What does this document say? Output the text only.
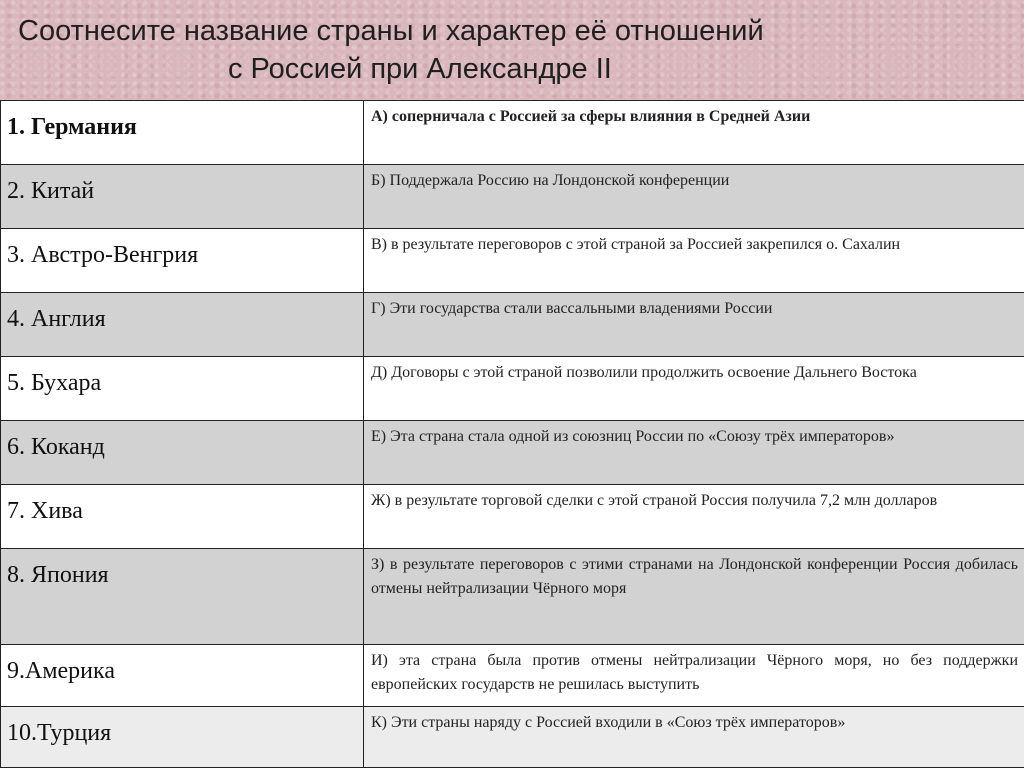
Соотнесите название страны и характер её отношений
с Россией при Александре II
1. Германия	А) соперничала с Россией за сферы влияния в Средней Азии
2. Китай	Б) Поддержала Россию на Лондонской конференции
3. Австро-Венгрия	В) в результате переговоров с этой страной за Россией закрепился о. Сахалин
4. Англия	Г) Эти государства стали вассальными владениями России
5. Бухара	Д) Договоры с этой страной позволили продолжить освоение Дальнего Востока
6. Коканд	Е) Эта страна стала одной из союзниц России по «Союзу трёх императоров»
7. Хива	Ж) в результате торговой сделки с этой страной Россия получила 7,2 млн долларов
8. Япония	З) в результате переговоров с этими странами на Лондонской конференции Россия добилась отмены нейтрализации Чёрного моря
9.Америка	И) эта страна была против отмены нейтрализации Чёрного моря, но без поддержки европейских государств не решилась выступить
10.Турция	К) Эти страны наряду с Россией входили в «Союз трёх императоров»
